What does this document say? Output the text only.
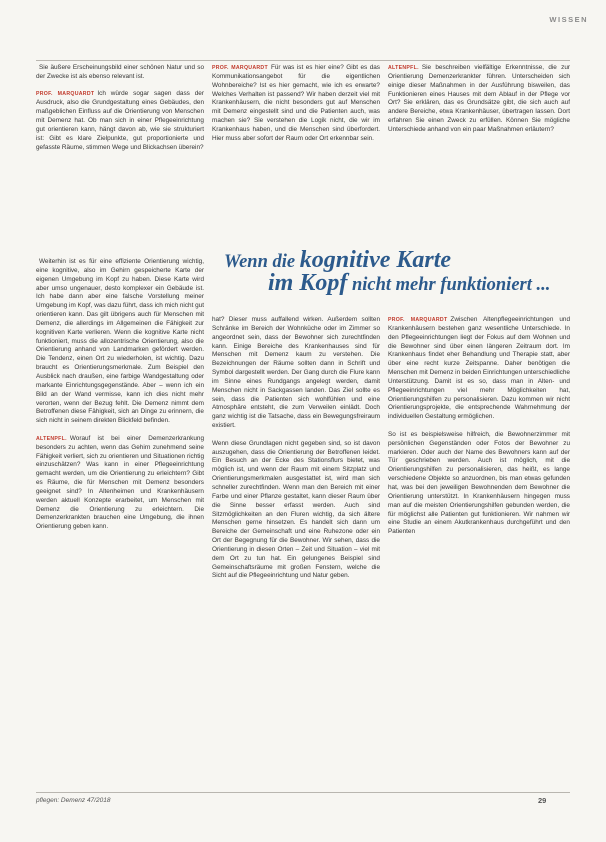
WISSEN

Sie äußere Erscheinungsbild einer schönen Natur und so der Zwecke ist als ebenso relevant ist.

PROF. MARQUARDT Ich würde sogar sagen dass der Ausdruck, also die Grundgestaltung eines Gebäudes, den maßgeblichen Einfluss auf die Orientierung von Menschen mit Demenz hat. Ob man sich in einer Pflegeeinrichtung gut orientieren kann, hängt davon ab, wie sie strukturiert ist: Gibt es klare Zielpunkte, gut proportionierte und gefasste Räume, stimmen Wege und Blickachsen überein?

PROF. MARQUARDT Für was ist es hier eine? Gibt es das Kommunikationsangebot für die eigentlichen Wohnbereiche? Ist es hier gemacht, wie ich es erwarte? Welches Verhalten ist passend? Wir haben derzeit viel mit Krankenhäusern, die nicht besonders gut auf Menschen mit Demenz eingestellt sind und die Patienten auch, was machen sie? Sie verstehen die Logik nicht, die wir im Krankenhaus haben, und die Menschen sind überfordert. Hier muss aber sofort der Raum oder Ort erkennbar sein.

ALTENPFL. Sie beschreiben vielfältige Erkenntnisse, die zur Orientierung Demenzerkrankter führen. Unterscheiden sich einige dieser Maßnahmen in der Ausführung bisweilen, das Funktionieren eines Hauses mit dem Ablauf in der Pflege vor Ort? Sie erklären, das es Grundsätze gibt, die sich auch auf andere Bereiche, etwa Krankenhäuser, übertragen lassen. Dort erfahren Sie einen Zweck zu erfüllen. Können Sie mögliche Unterschiede anhand von ein paar Maßnahmen erläutern?

Wenn die kognitive Karte
im Kopf nicht mehr funktioniert ...

Weiterhin ist es für eine effiziente Orientierung wichtig, eine kognitive, also im Gehirn gespeicherte Karte der eigenen Umgebung im Kopf zu haben. Diese Karte wird aber umso ungenauer, desto komplexer ein Gebäude ist. Ich habe dann aber eine falsche Vorstellung meiner Umgebung im Kopf, was dazu führt, dass ich mich nicht gut orientieren kann. Das gilt übrigens auch für Menschen mit Demenz, die allerdings im Allgemeinen die Fähigkeit zur kognitiven Karte verlieren. Wenn die kognitive Karte nicht funktioniert, muss die allozentrische Orientierung, also die Orientierung anhand von Landmarken gefördert werden. Die Tendenz, einen Ort zu wiederholen, ist wichtig. Dazu braucht es Orientierungsmerkmale. Zum Beispiel den Ausblick nach draußen, eine farbige Wandgestaltung oder markante Einrichtungsgegenstände. Aber – wenn ich ein Bild an der Wand vermisse, kann ich dies nicht mehr verorten, wenn der Bezug fehlt. Die Demenz nimmt dem Betroffenen diese Fähigkeit, sich an Dinge zu erinnern, die sich nicht in seinem direkten Blickfeld befinden.

ALTENPFL. Worauf ist bei einer Demenzerkrankung besonders zu achten, wenn das Gehirn zunehmend seine Fähigkeit verliert, sich zu orientieren und Situationen richtig einzuschätzen? Was kann in einer Pflegeeinrichtung gemacht werden, um die Orientierung zu erleichtern? Gibt es Räume, die für Menschen mit Demenz besonders geeignet sind? In Altenheimen und Krankenhäusern werden aktuell Konzepte erarbeitet, um Menschen mit Demenz die Orientierung zu erleichtern. Die Demenzerkrankten brauchen eine Umgebung, die ihnen Orientierung geben kann.

hat? Dieser muss auffallend wirken. Außerdem sollten Schränke im Bereich der Wohnküche oder im Zimmer so angeordnet sein, dass der Bewohner sich zurechtfinden kann. Einige Bereiche des Krankenhauses sind für Menschen mit Demenz kaum zu verstehen. Die Bezeichnungen der Räume sollten dann in Schrift und Symbol dargestellt werden. Der Gang durch die Flure kann im Sinne eines Rundgangs angelegt werden, damit Menschen nicht in Sackgassen landen. Das Ziel sollte es sein, dass die Patienten sich wohlfühlen und eine Atmosphäre entsteht, die zum Verweilen einlädt. Doch ganz wichtig ist die Tatsache, dass ein Bewegungsfreiraum existiert.

Wenn diese Grundlagen nicht gegeben sind, so ist davon auszugehen, dass die Orientierung der Betroffenen leidet. Ein Besuch an der Ecke des Stationsflurs bietet, was möglich ist, und wenn der Raum mit einem Sitzplatz und Orientierungsmerkmalen ausgestattet ist, wird man sich schneller zurechtfinden. Wenn man den Bereich mit einer Farbe und einer Pflanze gestaltet, kann dieser Raum über die Sinne besser erfasst werden. Auch sind Sitzmöglichkeiten an den Fluren wichtig, da sich ältere Menschen gerne hinsetzen. Es handelt sich dann um Bereiche der Gemeinschaft und eine Ruhezone oder ein Ort der Begegnung für die Bewohner. Wir sehen, dass die Orientierung in diesen Orten – Zeit und Situation – viel mit dem Ort zu tun hat. Ein gelungenes Beispiel sind Gemeinschaftsräume mit großen Fenstern, welche die Sicht auf die Pflegeeinrichtung und Natur geben.

PROF. MARQUARDT Zwischen Altenpflegeeinrichtungen und Krankenhäusern bestehen ganz wesentliche Unterschiede. In den Pflegeeinrichtungen liegt der Fokus auf dem Wohnen und die Bewohner sind über einen längeren Zeitraum dort. Im Krankenhaus findet eher Behandlung und Therapie statt, aber über eine recht kurze Zeitspanne. Daher benötigen die Menschen mit Demenz in beiden Einrichtungen unterschiedliche Unterstützung. Damit ist es so, dass man in Alten- und Pflegeeinrichtungen viel mehr Möglichkeiten hat, Orientierungshilfen zu personalisieren. Dazu kommen wir nicht Orientierungsprojekte, die entsprechende Wahrnehmung der individuellen Gestaltung ermöglichen.

So ist es beispielsweise hilfreich, die Bewohnerzimmer mit persönlichen Gegenständen oder Fotos der Bewohner zu markieren. Oder auch der Name des Bewohners kann auf der Tür geschrieben werden. Auch ist möglich, mit die Orientierungshilfen zu personalisieren, das heißt, es lange verschiedene Objekte so anzuordnen, bis man etwas gefunden hat, was bei den jeweiligen Bewohnenden dem Bewohner die Orientierung unterstützt. In Krankenhäusern hingegen muss man auf die meisten Orientierungshilfen gebunden werden, die für möglichst alle Patienten gut funktionieren. Wir nahmen wir eine Studie an einem Akutkrankenhaus durchgeführt und den Patienten

pflegen: Demenz 47/2018	29
